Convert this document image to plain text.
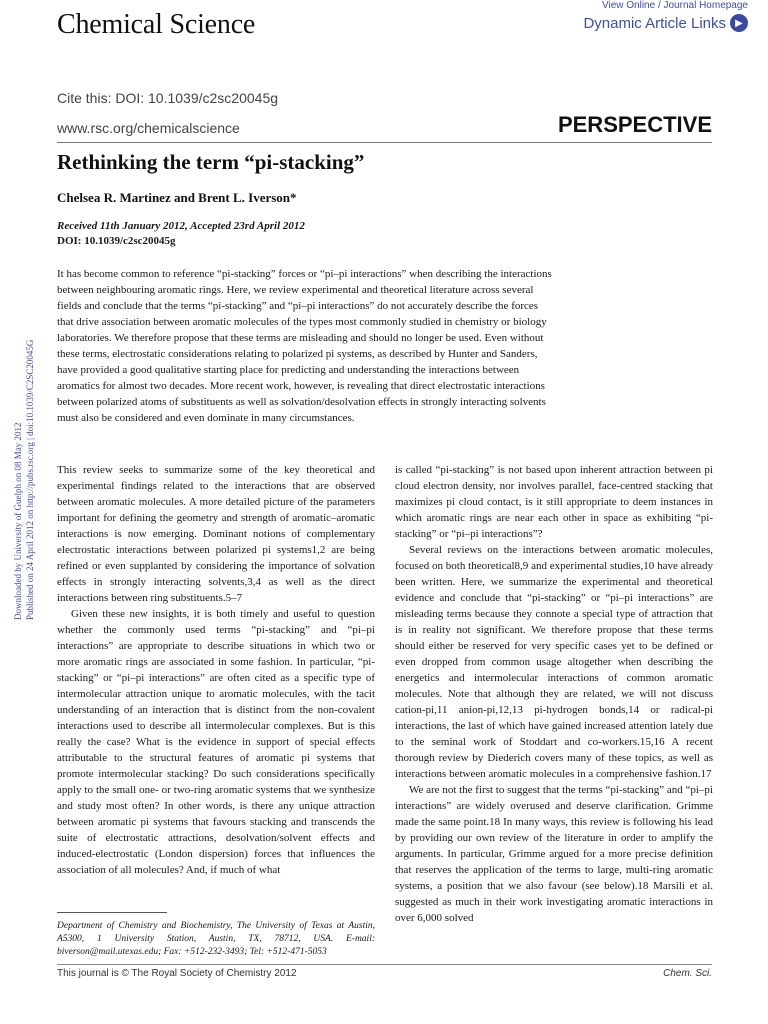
Chemical Science
View Online / Journal Homepage
Dynamic Article Links ▶
Cite this: DOI: 10.1039/c2sc20045g
www.rsc.org/chemicalscience	PERSPECTIVE
Rethinking the term “pi-stacking”
Chelsea R. Martinez and Brent L. Iverson*
Received 11th January 2012, Accepted 23rd April 2012
DOI: 10.1039/c2sc20045g
Downloaded by University of Guelph on 08 May 2012 Published on 24 April 2012 on http://pubs.rsc.org | doi:10.1039/C2SC20045G

It has become common to reference “pi-stacking” forces or “pi–pi interactions” when describing the interactions between neighbouring aromatic rings. Here, we review experimental and theoretical literature across several fields and conclude that the terms “pi-stacking” and “pi–pi interactions” do not accurately describe the forces that drive association between aromatic molecules of the types most commonly studied in chemistry or biology laboratories. We therefore propose that these terms are misleading and should no longer be used. Even without these terms, electrostatic considerations relating to polarized pi systems, as described by Hunter and Sanders, have provided a good qualitative starting place for predicting and understanding the interactions between aromatics for almost two decades. More recent work, however, is revealing that direct electrostatic interactions between polarized atoms of substituents as well as solvation/desolvation effects in strongly interacting solvents must also be considered and even dominate in many circumstances.

This review seeks to summarize some of the key theoretical and experimental findings related to the interactions that are observed between aromatic molecules. A more detailed picture of the parameters important for defining the geometry and strength of aromatic–aromatic interactions is now emerging. Dominant notions of complementary electrostatic interactions between polarized pi systems1,2 are being refined or even supplanted by considering the importance of solvation effects in strongly interacting solvents,3,4 as well as the direct interactions between ring substituents.5–7

Given these new insights, it is both timely and useful to question whether the commonly used terms “pi-stacking” and “pi–pi interactions” are appropriate to describe situations in which two or more aromatic rings are associated in some fashion. In particular, “pi-stacking” or “pi–pi interactions” are often cited as a specific type of intermolecular attraction unique to aromatic molecules, with the tacit understanding of an interaction that is distinct from the non-covalent interactions used to describe all intermolecular complexes. But is this really the case? What is the evidence in support of special effects attributable to the structural features of aromatic pi systems that promote intermolecular stacking? Do such considerations specifically apply to the small one- or two-ring aromatic systems that we synthesize and study most often? In other words, is there any unique attraction between aromatic pi systems that favours stacking and transcends the suite of electrostatic attractions, desolvation/solvent effects and induced-electrostatic (London dispersion) forces that influences the association of all molecules? And, if much of what

is called “pi-stacking” is not based upon inherent attraction between pi cloud electron density, nor involves parallel, face-centred stacking that maximizes pi cloud contact, is it still appropriate to deem instances in which aromatic rings are near each other in space as exhibiting “pi-stacking” or “pi–pi interactions”?

Several reviews on the interactions between aromatic molecules, focused on both theoretical8,9 and experimental studies,10 have already been written. Here, we summarize the experimental and theoretical evidence and conclude that “pi-stacking” or “pi–pi interactions” are misleading terms because they connote a special type of attraction that is in reality not significant. We therefore propose that these terms should either be reserved for very specific cases yet to be defined or even dropped from common usage altogether when describing the energetics and intermolecular interactions of common aromatic molecules. Note that although they are related, we will not discuss cation-pi,11 anion-pi,12,13 pi-hydrogen bonds,14 or radical-pi interactions, the last of which have gained increased attention lately due to the seminal work of Stoddart and co-workers.15,16 A recent thorough review by Diederich covers many of these topics, as well as interactions between aromatic molecules in a comprehensive fashion.17

We are not the first to suggest that the terms “pi-stacking” and “pi–pi interactions” are widely overused and deserve clarification. Grimme made the same point.18 In many ways, this review is following his lead by providing our own review of the literature in order to amplify the arguments. In particular, Grimme argued for a more precise definition that reserves the application of the terms to large, multi-ring aromatic systems, a position that we also favour (see below).18 Marsili et al. suggested as much in their work investigating aromatic interactions in over 6,000 solved

Department of Chemistry and Biochemistry, The University of Texas at Austin, A5300, 1 University Station, Austin, TX, 78712, USA. E-mail: biverson@mail.utexas.edu; Fax: +512-232-3493; Tel: +512-471-5053

This journal is © The Royal Society of Chemistry 2012	Chem. Sci.
